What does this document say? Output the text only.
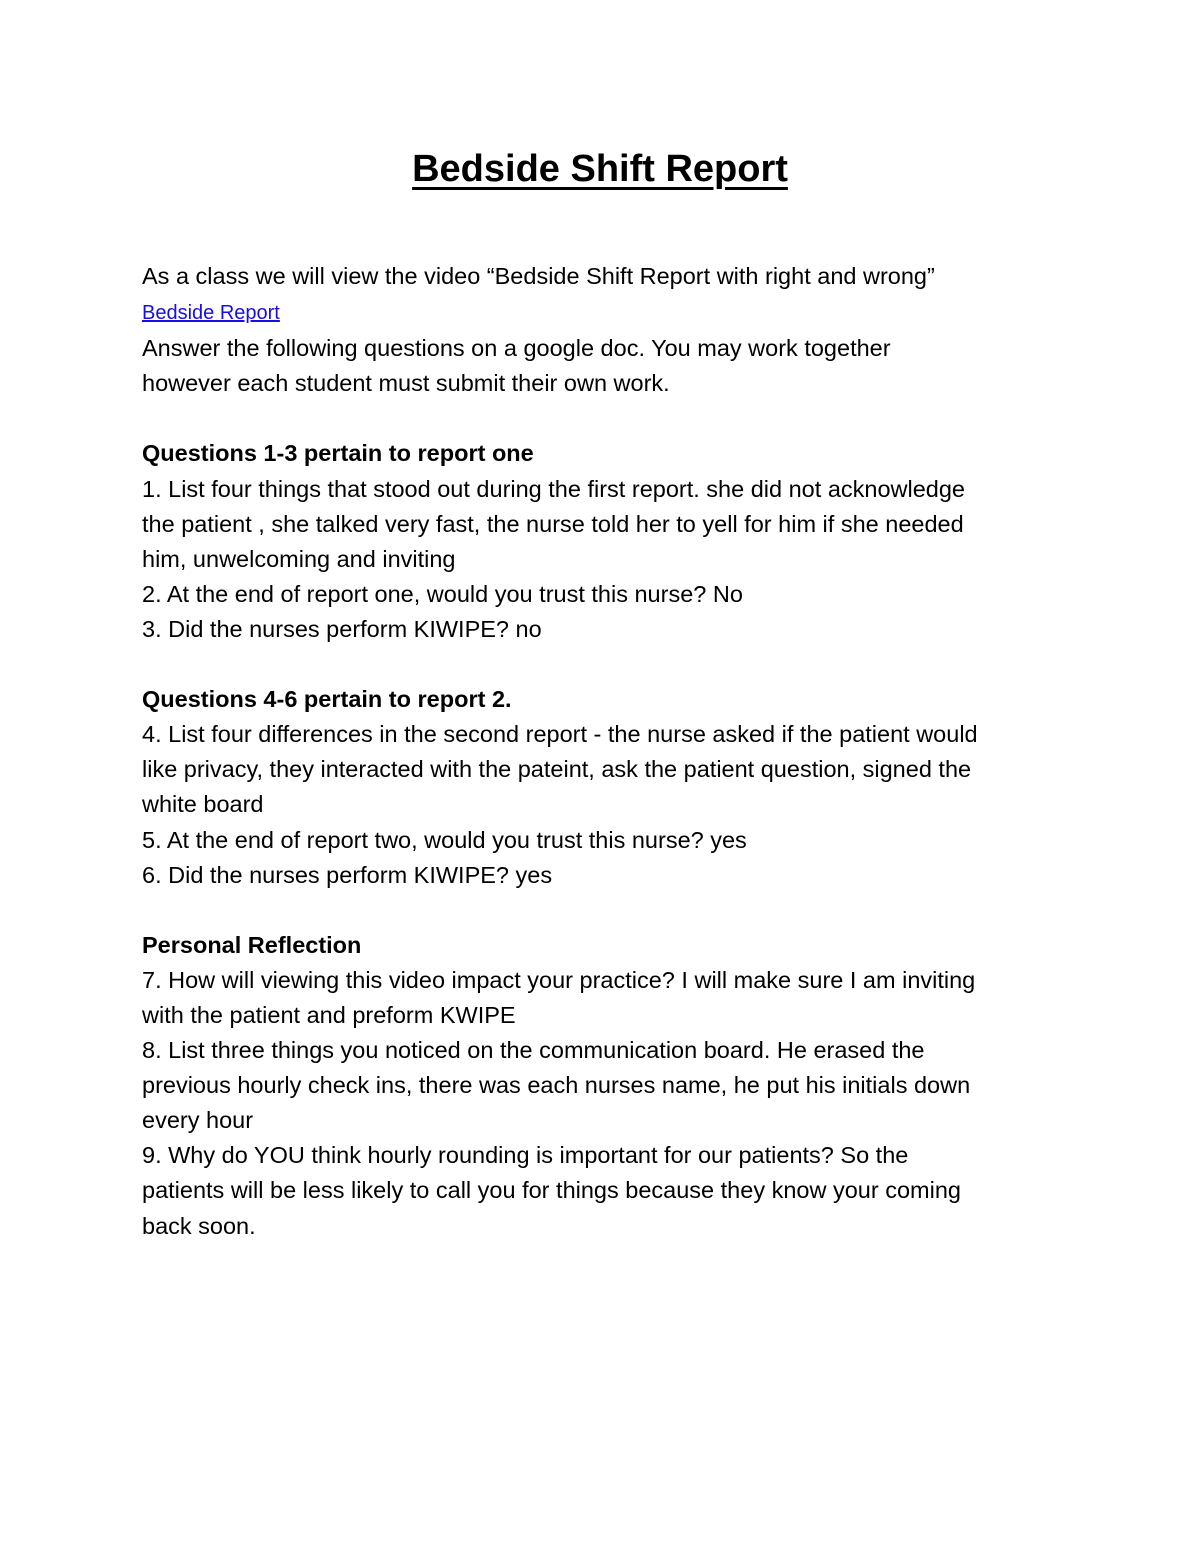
Bedside Shift Report
As a class we will view the video “Bedside Shift Report with right and wrong”
Bedside Report
Answer the following questions on a google doc. You may work together
however each student must submit their own work.
Questions 1-3 pertain to report one
1. List four things that stood out during the first report. she did not acknowledge
the patient , she talked very fast, the nurse told her to yell for him if she needed
him, unwelcoming and inviting
2. At the end of report one, would you trust this nurse? No
3. Did the nurses perform KIWIPE? no
Questions 4-6 pertain to report 2.
4. List four differences in the second report - the nurse asked if the patient would
like privacy, they interacted with the pateint, ask the patient question, signed the
white board
5. At the end of report two, would you trust this nurse? yes
6. Did the nurses perform KIWIPE? yes
Personal Reflection
7. How will viewing this video impact your practice? I will make sure I am inviting
with the patient and preform KWIPE
8. List three things you noticed on the communication board. He erased the
previous hourly check ins, there was each nurses name, he put his initials down
every hour
9. Why do YOU think hourly rounding is important for our patients? So the
patients will be less likely to call you for things because they know your coming
back soon.
